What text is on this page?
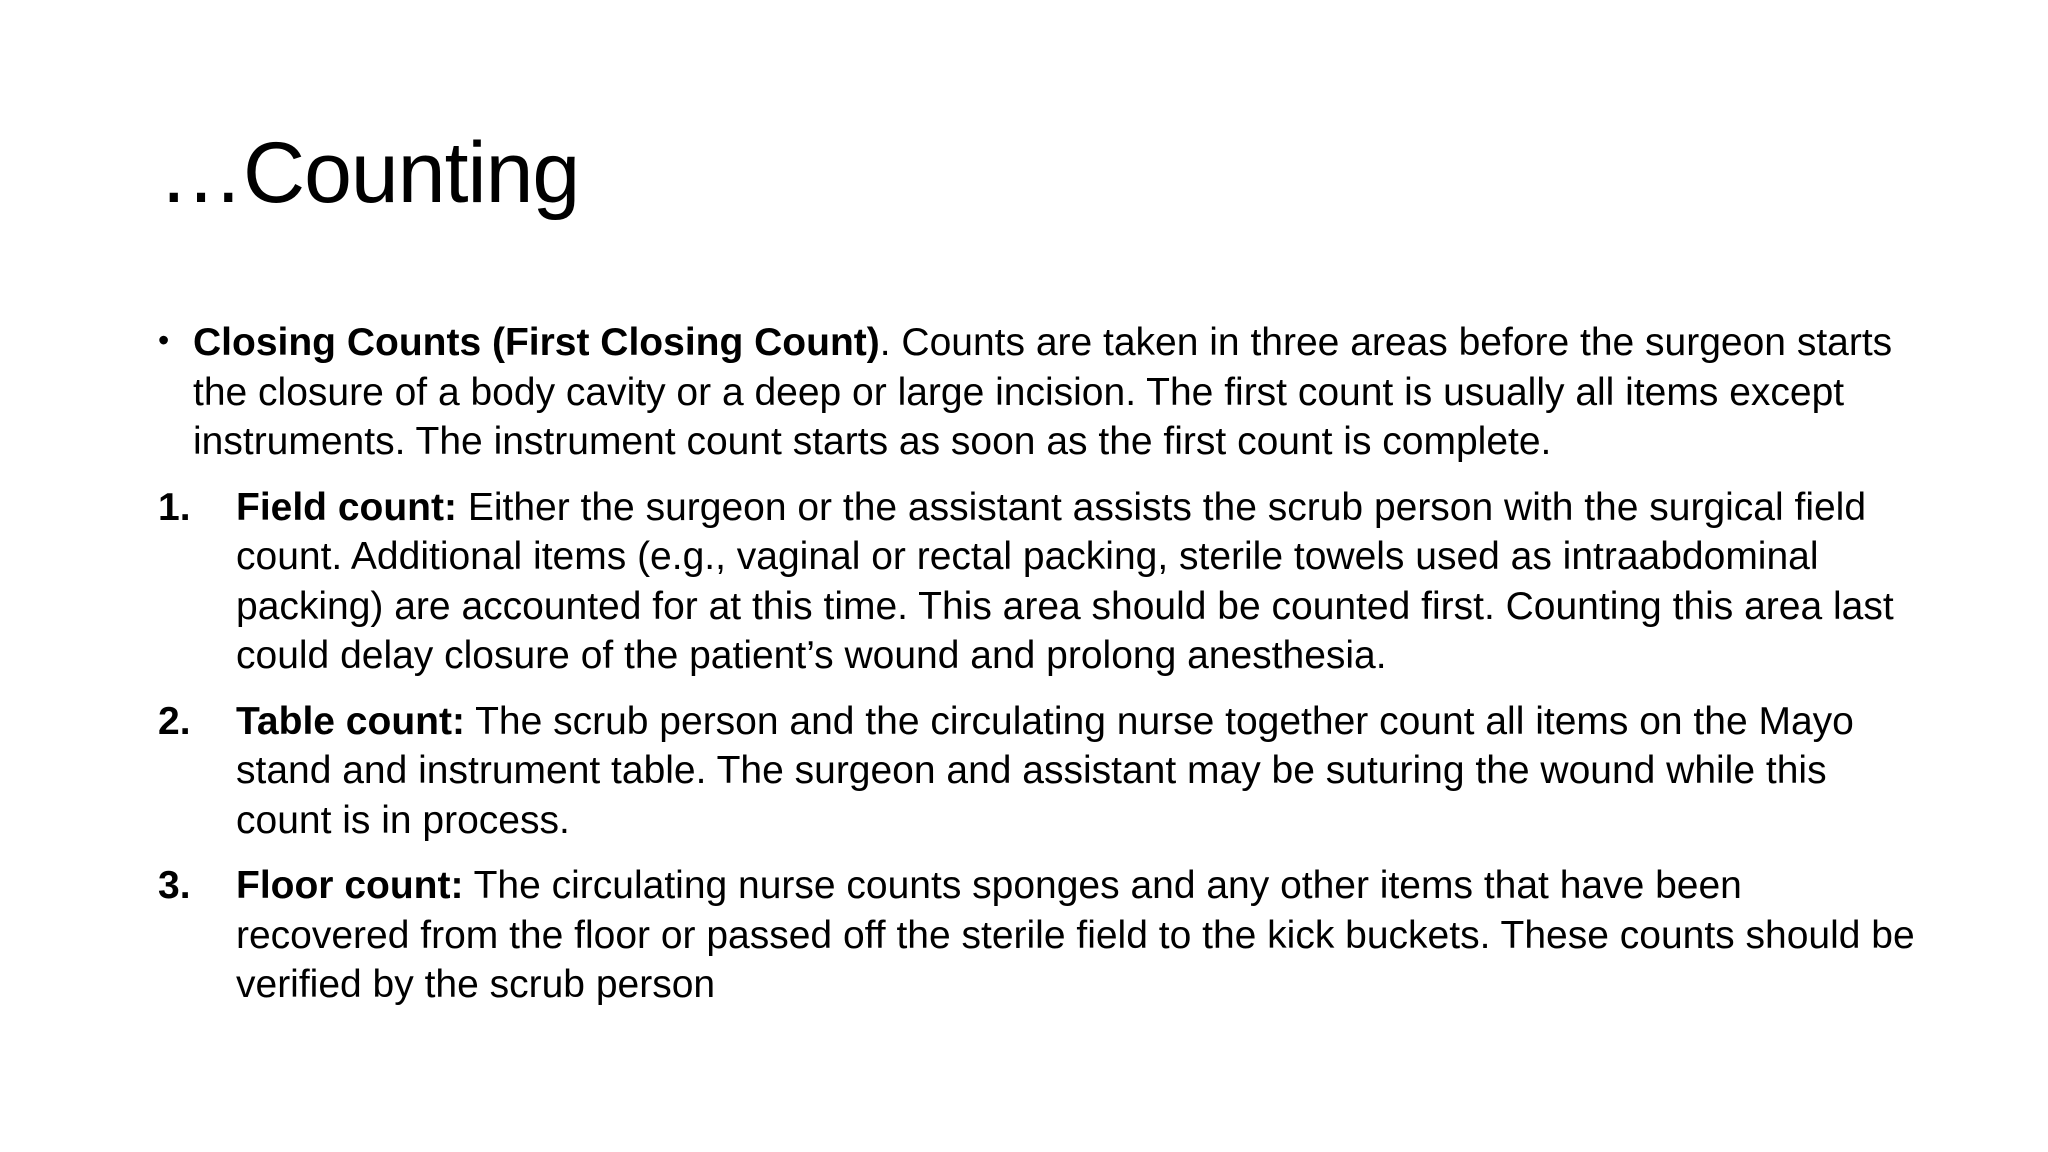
…Counting

• Closing Counts (First Closing Count). Counts are taken in three areas before the surgeon starts the closure of a body cavity or a deep or large incision. The first count is usually all items except instruments. The instrument count starts as soon as the first count is complete.

1. Field count: Either the surgeon or the assistant assists the scrub person with the surgical field count. Additional items (e.g., vaginal or rectal packing, sterile towels used as intraabdominal packing) are accounted for at this time. This area should be counted first. Counting this area last could delay closure of the patient’s wound and prolong anesthesia.

2. Table count: The scrub person and the circulating nurse together count all items on the Mayo stand and instrument table. The surgeon and assistant may be suturing the wound while this count is in process.

3. Floor count: The circulating nurse counts sponges and any other items that have been recovered from the floor or passed off the sterile field to the kick buckets. These counts should be verified by the scrub person
